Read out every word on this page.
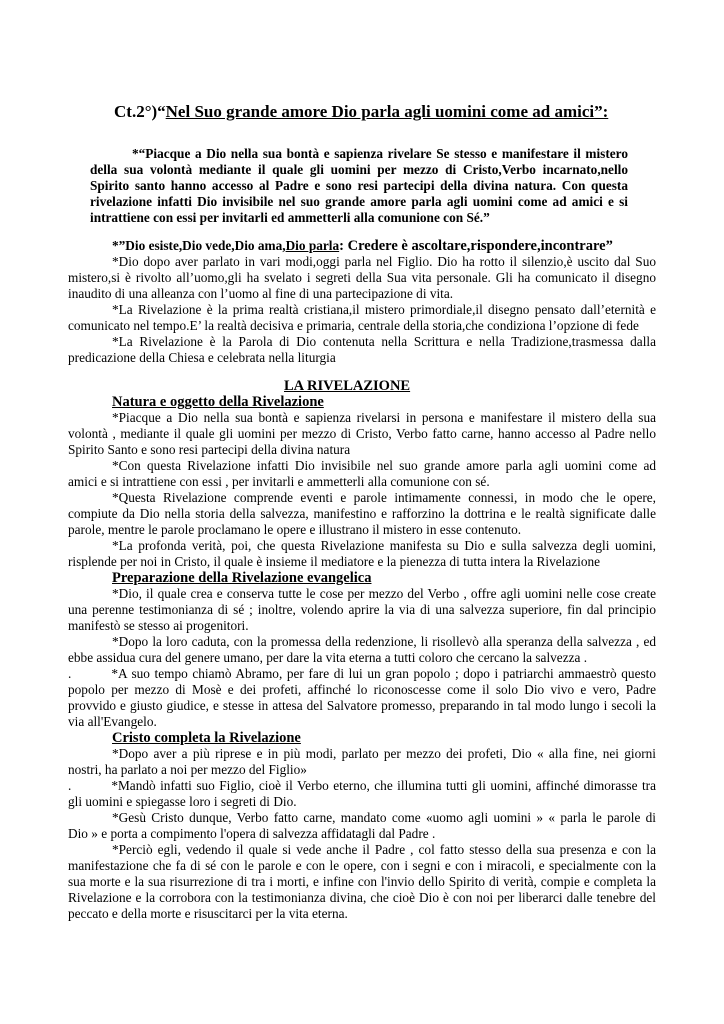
Ct.2°)“Nel Suo grande amore Dio parla agli uomini come ad amici”:
*“Piacque a Dio nella sua bontà e sapienza rivelare Se stesso e manifestare il mistero
della sua volontà mediante il quale gli uomini per mezzo di Cristo,Verbo incarnato,nello
Spirito santo hanno accesso al Padre e sono resi partecipi della divina natura. Con questa
rivelazione infatti Dio invisibile nel suo grande amore parla agli uomini come ad amici e si
intrattiene con essi per invitarli ed ammetterli alla comunione con Sé.”
*”Dio esiste,Dio vede,Dio ama,Dio parla: Credere è ascoltare,rispondere,incontrare”
*Dio dopo aver parlato in vari modi,oggi parla nel Figlio. Dio ha rotto il silenzio,è uscito dal Suo
mistero,si è rivolto all’uomo,gli ha svelato i segreti della Sua vita personale. Gli ha comunicato il disegno
inaudito di una alleanza con l’uomo al fine di una partecipazione di vita.
*La Rivelazione è la prima realtà cristiana,il mistero primordiale,il disegno pensato dall’eternità e
comunicato nel tempo.E’ la realtà decisiva e primaria, centrale della storia,che condiziona l’opzione di fede
*La Rivelazione è la Parola di Dio contenuta nella Scrittura e nella Tradizione,trasmessa dalla
predicazione della Chiesa e celebrata nella liturgia
LA RIVELAZIONE
Natura e oggetto della Rivelazione
*Piacque a Dio nella sua bontà e sapienza rivelarsi in persona e manifestare il mistero della sua
volontà , mediante il quale gli uomini per mezzo di Cristo, Verbo fatto carne, hanno accesso al Padre nello
Spirito Santo e sono resi partecipi della divina natura
*Con questa Rivelazione infatti Dio invisibile nel suo grande amore parla agli uomini come ad
amici e si intrattiene con essi , per invitarli e ammetterli alla comunione con sé.
*Questa Rivelazione comprende eventi e parole intimamente connessi, in modo che le opere,
compiute da Dio nella storia della salvezza, manifestino e rafforzino la dottrina e le realtà significate dalle
parole, mentre le parole proclamano le opere e illustrano il mistero in esse contenuto.
*La profonda verità, poi, che questa Rivelazione manifesta su Dio e sulla salvezza degli uomini,
risplende per noi in Cristo, il quale è insieme il mediatore e la pienezza di tutta intera la Rivelazione
Preparazione della Rivelazione evangelica
*Dio, il quale crea e conserva tutte le cose per mezzo del Verbo , offre agli uomini nelle cose create
una perenne testimonianza di sé ; inoltre, volendo aprire la via di una salvezza superiore, fin dal principio
manifestò se stesso ai progenitori.
*Dopo la loro caduta, con la promessa della redenzione, li risollevò alla speranza della salvezza , ed
ebbe assidua cura del genere umano, per dare la vita eterna a tutti coloro che cercano la salvezza .
.	*A suo tempo chiamò Abramo, per fare di lui un gran popolo ; dopo i patriarchi ammaestrò questo
popolo per mezzo di Mosè e dei profeti, affinché lo riconoscesse come il solo Dio vivo e vero, Padre
provvido e giusto giudice, e stesse in attesa del Salvatore promesso, preparando in tal modo lungo i secoli la
via all'Evangelo.
Cristo completa la Rivelazione
*Dopo aver a più riprese e in più modi, parlato per mezzo dei profeti, Dio « alla fine, nei giorni
nostri, ha parlato a noi per mezzo del Figlio»
.	*Mandò infatti suo Figlio, cioè il Verbo eterno, che illumina tutti gli uomini, affinché dimorasse tra
gli uomini e spiegasse loro i segreti di Dio.
*Gesù Cristo dunque, Verbo fatto carne, mandato come «uomo agli uomini » « parla le parole di
Dio » e porta a compimento l'opera di salvezza affidatagli dal Padre .
*Perciò egli, vedendo il quale si vede anche il Padre , col fatto stesso della sua presenza e con la
manifestazione che fa di sé con le parole e con le opere, con i segni e con i miracoli, e specialmente con la
sua morte e la sua risurrezione di tra i morti, e infine con l'invio dello Spirito di verità, compie e completa la
Rivelazione e la corrobora con la testimonianza divina, che cioè Dio è con noi per liberarci dalle tenebre del
peccato e della morte e risuscitarci per la vita eterna.
